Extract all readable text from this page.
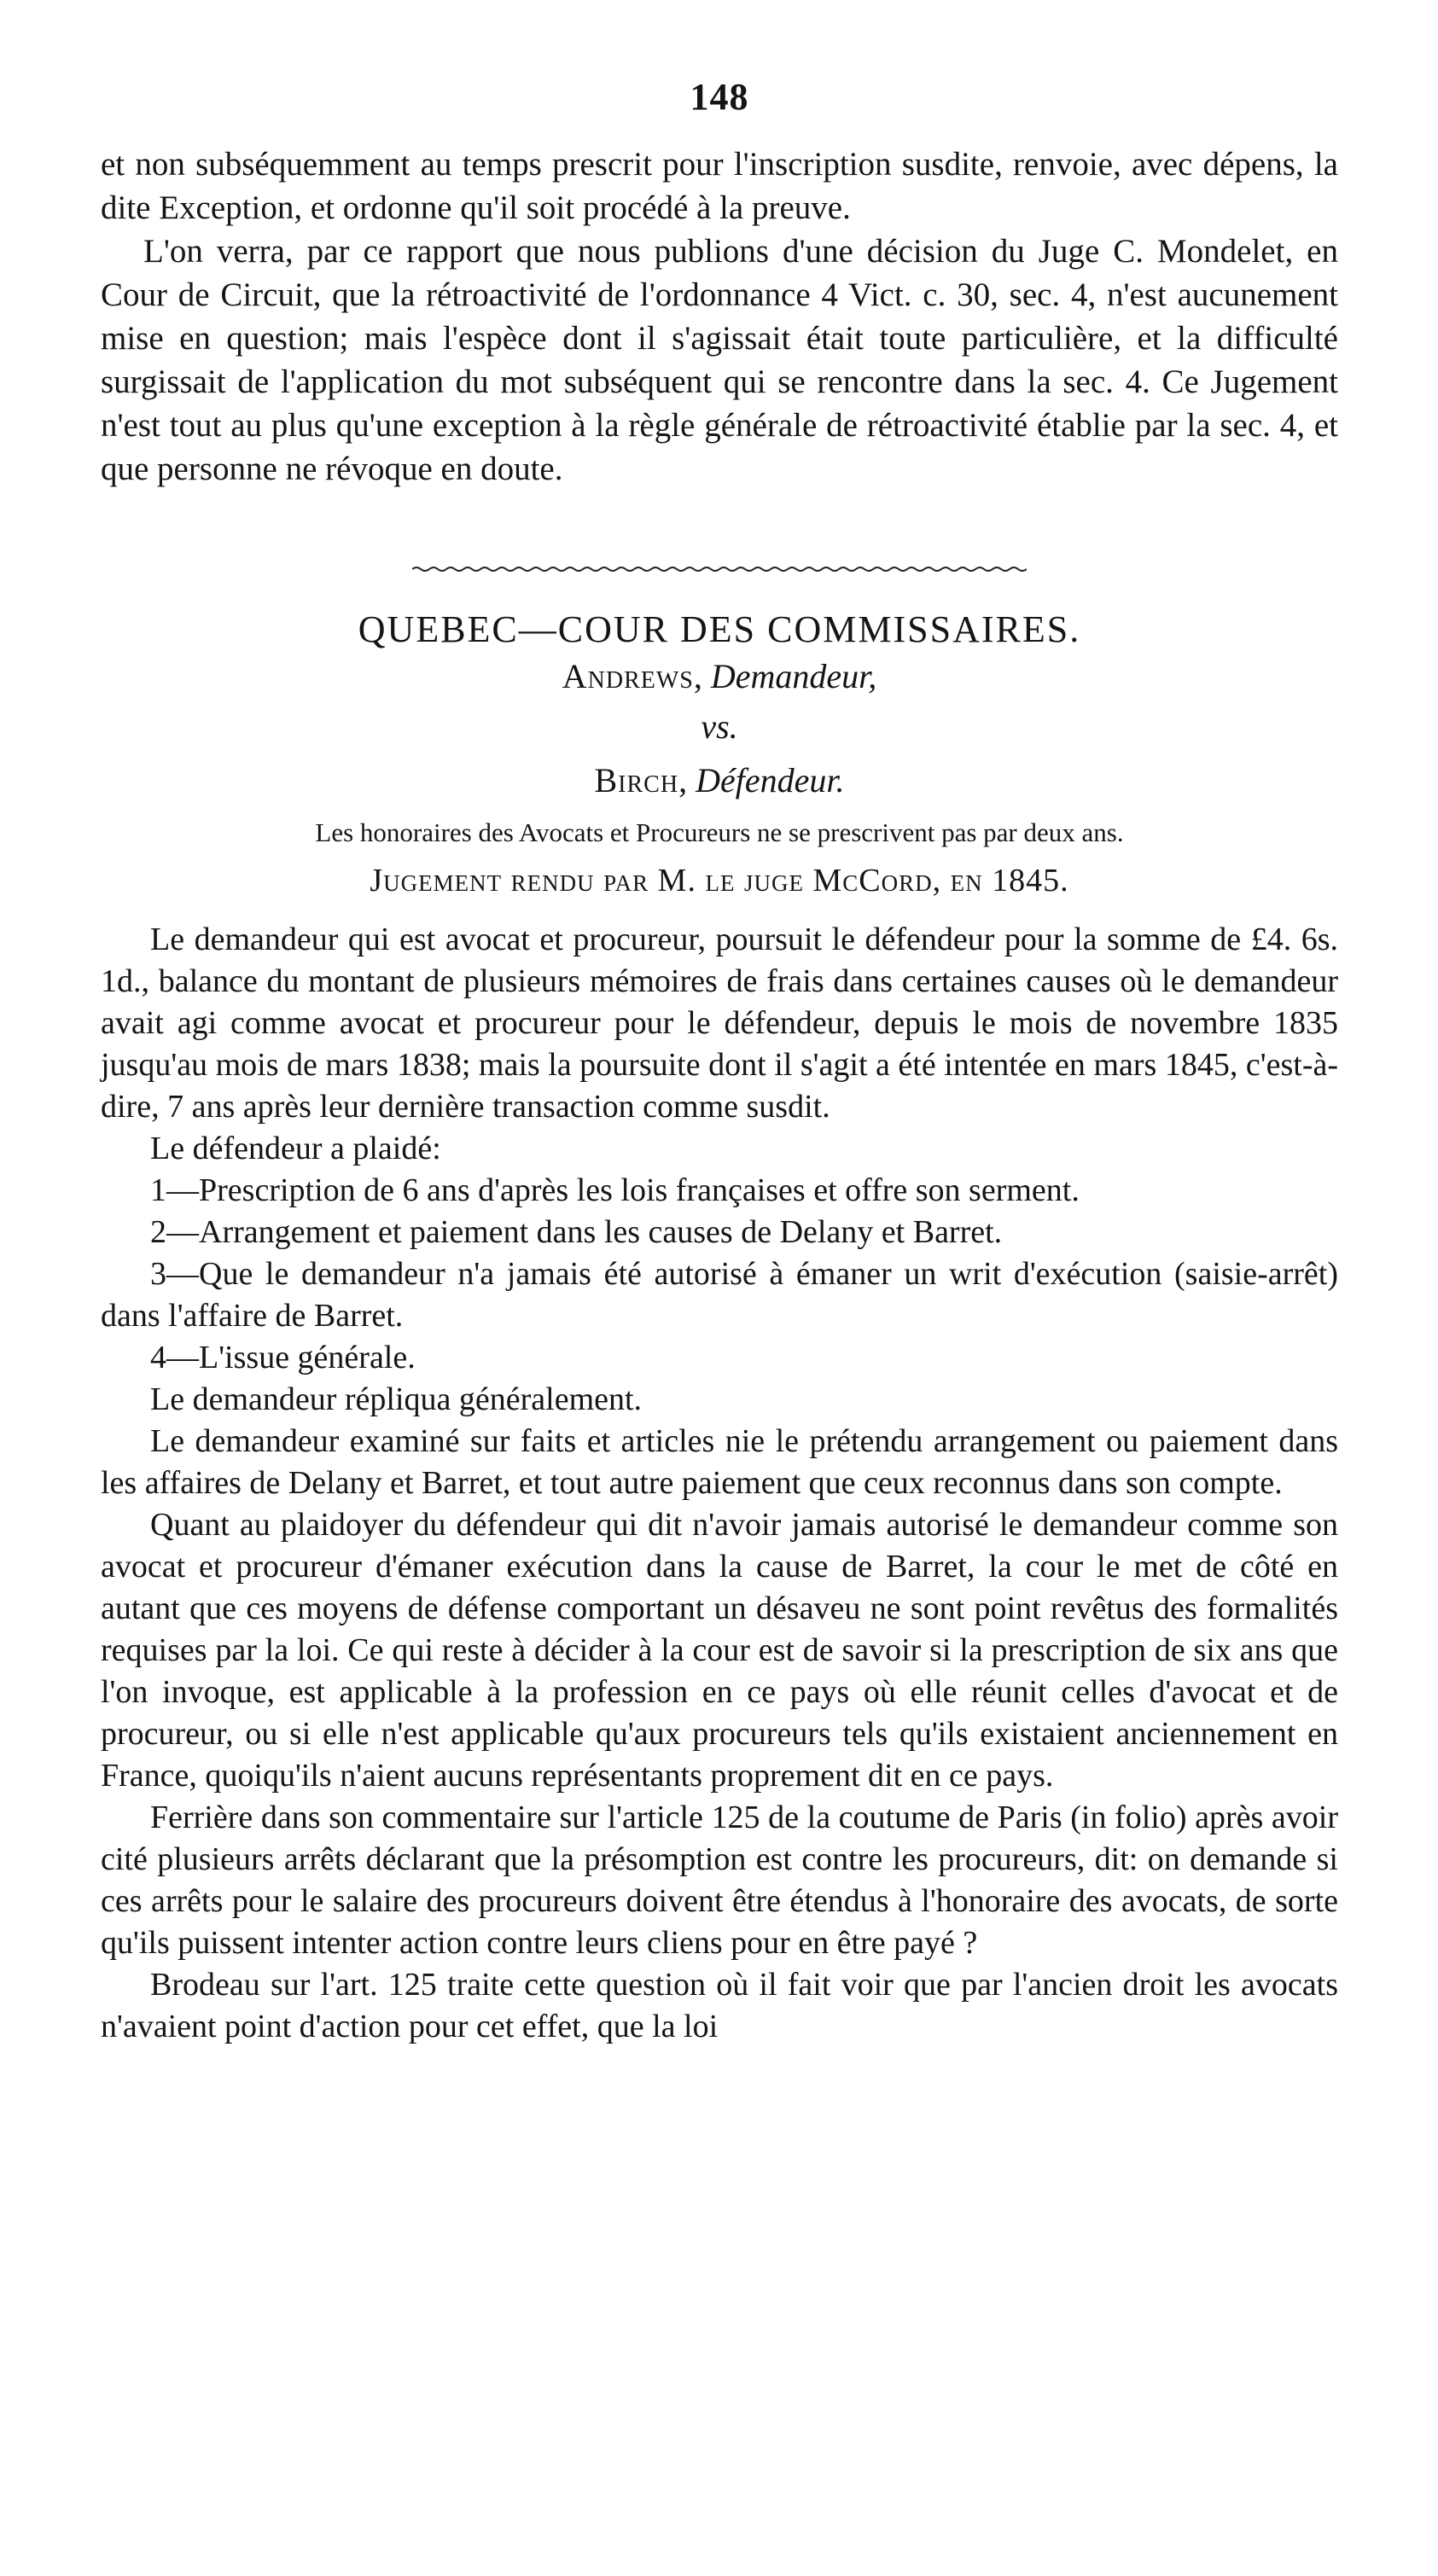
148

et non subséquemment au temps prescrit pour l'inscription susdite, renvoie, avec dépens, la dite Exception, et ordonne qu'il soit procédé à la preuve.

L'on verra, par ce rapport que nous publions d'une décision du Juge C. Mondelet, en Cour de Circuit, que la rétroactivité de l'ordonnance 4 Vict. c. 30, sec. 4, n'est aucunement mise en question; mais l'espèce dont il s'agissait était toute particulière, et la difficulté surgissait de l'application du mot subséquent qui se rencontre dans la sec. 4. Ce Jugement n'est tout au plus qu'une exception à la règle générale de rétroactivité établie par la sec. 4, et que personne ne révoque en doute.

QUEBEC—COUR DES COMMISSAIRES.
Andrews, Demandeur,
vs.
Birch, Défendeur.
Les honoraires des Avocats et Procureurs ne se prescrivent pas par deux ans.
Jugement rendu par M. le juge McCord, en 1845.

Le demandeur qui est avocat et procureur, poursuit le défendeur pour la somme de £4. 6s. 1d., balance du montant de plusieurs mémoires de frais dans certaines causes où le demandeur avait agi comme avocat et procureur pour le défendeur, depuis le mois de novembre 1835 jusqu'au mois de mars 1838; mais la poursuite dont il s'agit a été intentée en mars 1845, c'est-à-dire, 7 ans après leur dernière transaction comme susdit.

Le défendeur a plaidé:

1—Prescription de 6 ans d'après les lois françaises et offre son serment.

2—Arrangement et paiement dans les causes de Delany et Barret.

3—Que le demandeur n'a jamais été autorisé à émaner un writ d'exécution (saisie-arrêt) dans l'affaire de Barret.

4—L'issue générale.

Le demandeur répliqua généralement.

Le demandeur examiné sur faits et articles nie le prétendu arrangement ou paiement dans les affaires de Delany et Barret, et tout autre paiement que ceux reconnus dans son compte.

Quant au plaidoyer du défendeur qui dit n'avoir jamais autorisé le demandeur comme son avocat et procureur d'émaner exécution dans la cause de Barret, la cour le met de côté en autant que ces moyens de défense comportant un désaveu ne sont point revêtus des formalités requises par la loi. Ce qui reste à décider à la cour est de savoir si la prescription de six ans que l'on invoque, est applicable à la profession en ce pays où elle réunit celles d'avocat et de procureur, ou si elle n'est applicable qu'aux procureurs tels qu'ils existaient anciennement en France, quoiqu'ils n'aient aucuns représentants proprement dit en ce pays.

Ferrière dans son commentaire sur l'article 125 de la coutume de Paris (in folio) après avoir cité plusieurs arrêts déclarant que la présomption est contre les procureurs, dit: on demande si ces arrêts pour le salaire des procureurs doivent être étendus à l'honoraire des avocats, de sorte qu'ils puissent intenter action contre leurs cliens pour en être payé ?

Brodeau sur l'art. 125 traite cette question où il fait voir que par l'ancien droit les avocats n'avaient point d'action pour cet effet, que la loi
